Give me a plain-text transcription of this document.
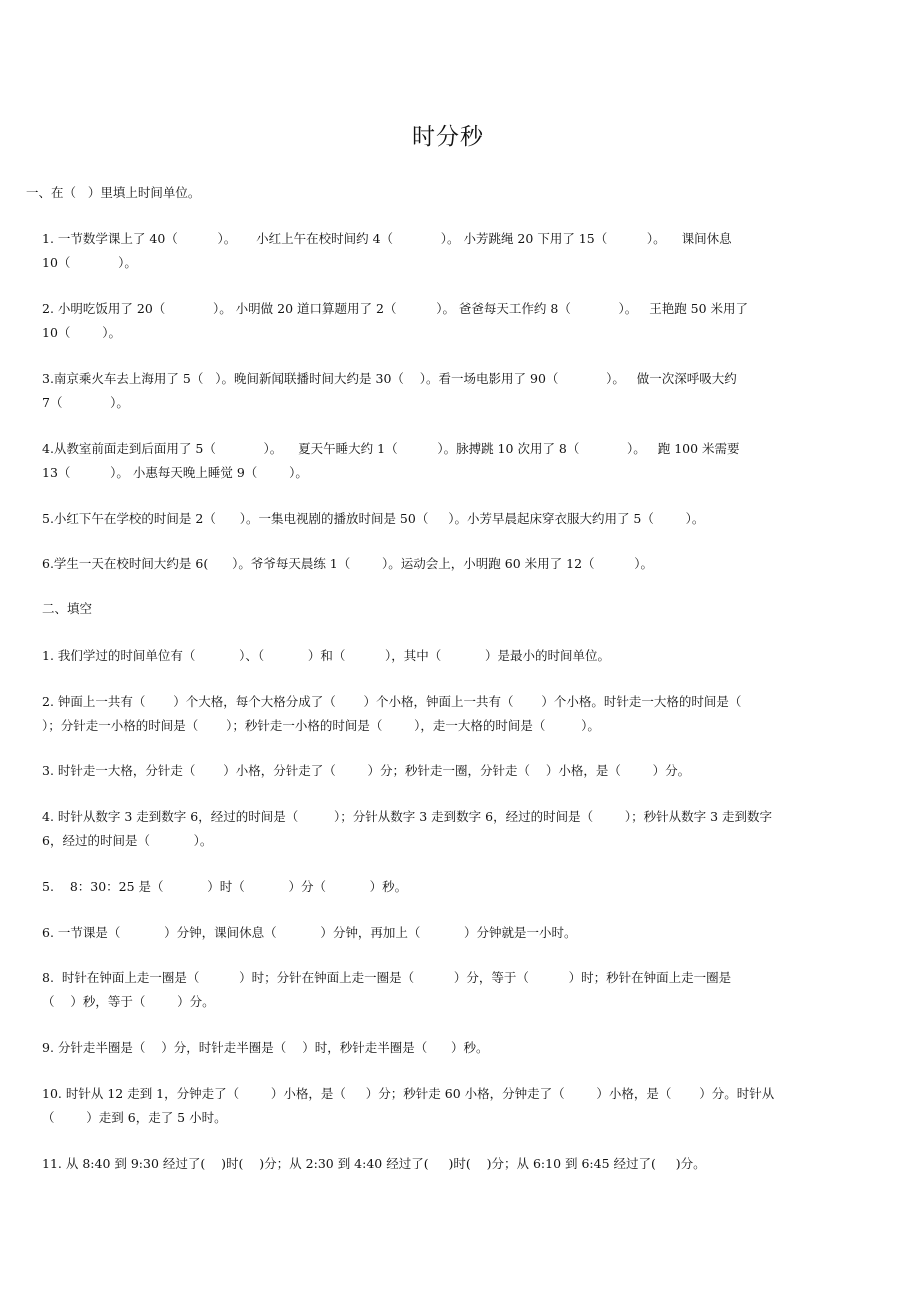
时分秒
一、在（   ）里填上时间单位。
1. 一节数学课上了 40（          ）。     小红上午在校时间约 4（            ）。 小芳跳绳 20 下用了 15（          ）。    课间休息
10（            ）。
2. 小明吃饭用了 20（            ）。 小明做 20 道口算题用了 2（          ）。 爸爸每天工作约 8（            ）。   王艳跑 50 米用了
10（        ）。
3.南京乘火车去上海用了 5（   ）。晚间新闻联播时间大约是 30（    ）。看一场电影用了 90（            ）。   做一次深呼吸大约
7（            ）。
4.从教室前面走到后面用了 5（            ）。    夏天午睡大约 1（          ）。脉搏跳 10 次用了 8（            ）。   跑 100 米需要
13（          ）。 小惠每天晚上睡觉 9（        ）。
5.小红下午在学校的时间是 2（      ）。一集电视剧的播放时间是 50（     ）。小芳早晨起床穿衣服大约用了 5（        ）。
6.学生一天在校时间大约是 6(      ）。爷爷每天晨练 1（        ）。运动会上，小明跑 60 米用了 12（          ）。
二、填空
1. 我们学过的时间单位有（           ）、（           ）和（          ），其中（           ）是最小的时间单位。
2. 钟面上一共有（       ）个大格，每个大格分成了（       ）个小格，钟面上一共有（       ）个小格。时针走一大格的时间是（
）；分针走一小格的时间是（       ）；秒针走一小格的时间是（        ），走一大格的时间是（         ）。
3. 时针走一大格，分针走（       ）小格，分针走了（        ）分；秒针走一圈，分针走（    ）小格，是（        ）分。
4. 时针从数字 3 走到数字 6，经过的时间是（         ）；分针从数字 3 走到数字 6，经过的时间是（        ）；秒针从数字 3 走到数字
6，经过的时间是（           ）。
5.    8：30：25 是（           ）时（           ）分（           ）秒。
6. 一节课是（           ）分钟，课间休息（           ）分钟，再加上（           ）分钟就是一小时。
8.  时针在钟面上走一圈是（          ）时；分针在钟面上走一圈是（          ）分，等于（          ）时；秒针在钟面上走一圈是
（    ）秒，等于（        ）分。
9. 分针走半圈是（    ）分，时针走半圈是（    ）时，秒针走半圈是（      ）秒。
10. 时针从 12 走到 1，分钟走了（        ）小格，是（     ）分；秒针走 60 小格，分钟走了（        ）小格，是（       ）分。时针从
（        ）走到 6，走了 5 小时。
11. 从 8:40 到 9:30 经过了(    )时(    )分；从 2:30 到 4:40 经过了(     )时(    )分；从 6:10 到 6:45 经过了(     )分。
